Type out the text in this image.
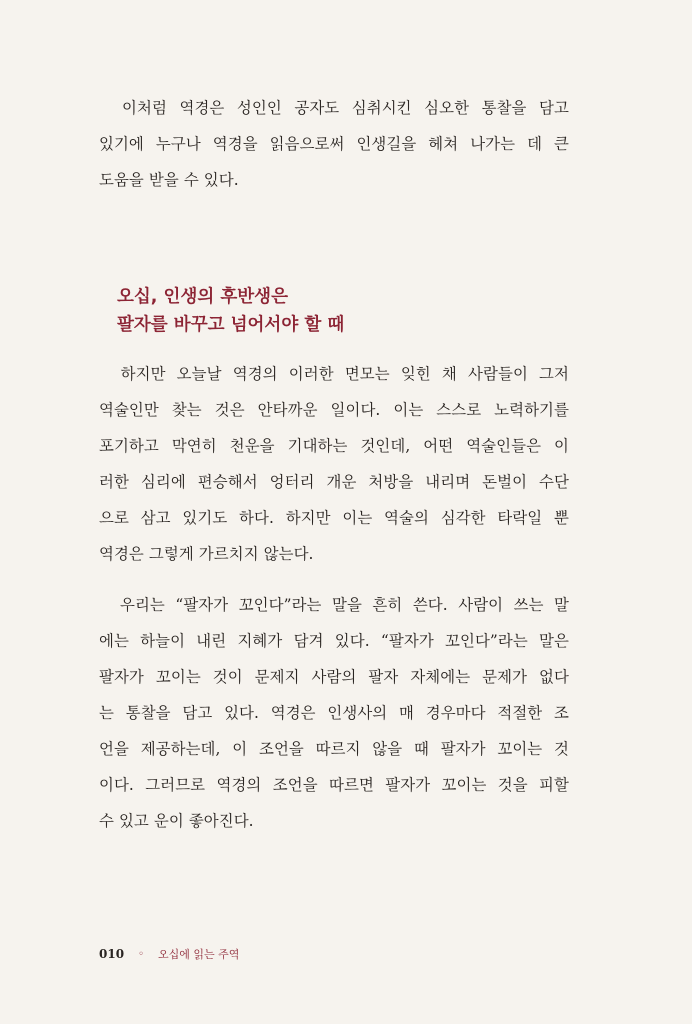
　이처럼 역경은 성인인 공자도 심취시킨 심오한 통찰을 담고
있기에 누구나 역경을 읽음으로써 인생길을 헤쳐 나가는 데 큰
도움을 받을 수 있다.
오십, 인생의 후반생은
팔자를 바꾸고 넘어서야 할 때
　하지만 오늘날 역경의 이러한 면모는 잊힌 채 사람들이 그저
역술인만 찾는 것은 안타까운 일이다. 이는 스스로 노력하기를
포기하고 막연히 천운을 기대하는 것인데, 어떤 역술인들은 이
러한 심리에 편승해서 엉터리 개운 처방을 내리며 돈벌이 수단
으로 삼고 있기도 하다. 하지만 이는 역술의 심각한 타락일 뿐
역경은 그렇게 가르치지 않는다.
　우리는 “팔자가 꼬인다”라는 말을 흔히 쓴다. 사람이 쓰는 말
에는 하늘이 내린 지혜가 담겨 있다. “팔자가 꼬인다”라는 말은
팔자가 꼬이는 것이 문제지 사람의 팔자 자체에는 문제가 없다
는 통찰을 담고 있다. 역경은 인생사의 매 경우마다 적절한 조
언을 제공하는데, 이 조언을 따르지 않을 때 팔자가 꼬이는 것
이다. 그러므로 역경의 조언을 따르면 팔자가 꼬이는 것을 피할
수 있고 운이 좋아진다.
010 ◦ 오십에 읽는 주역
